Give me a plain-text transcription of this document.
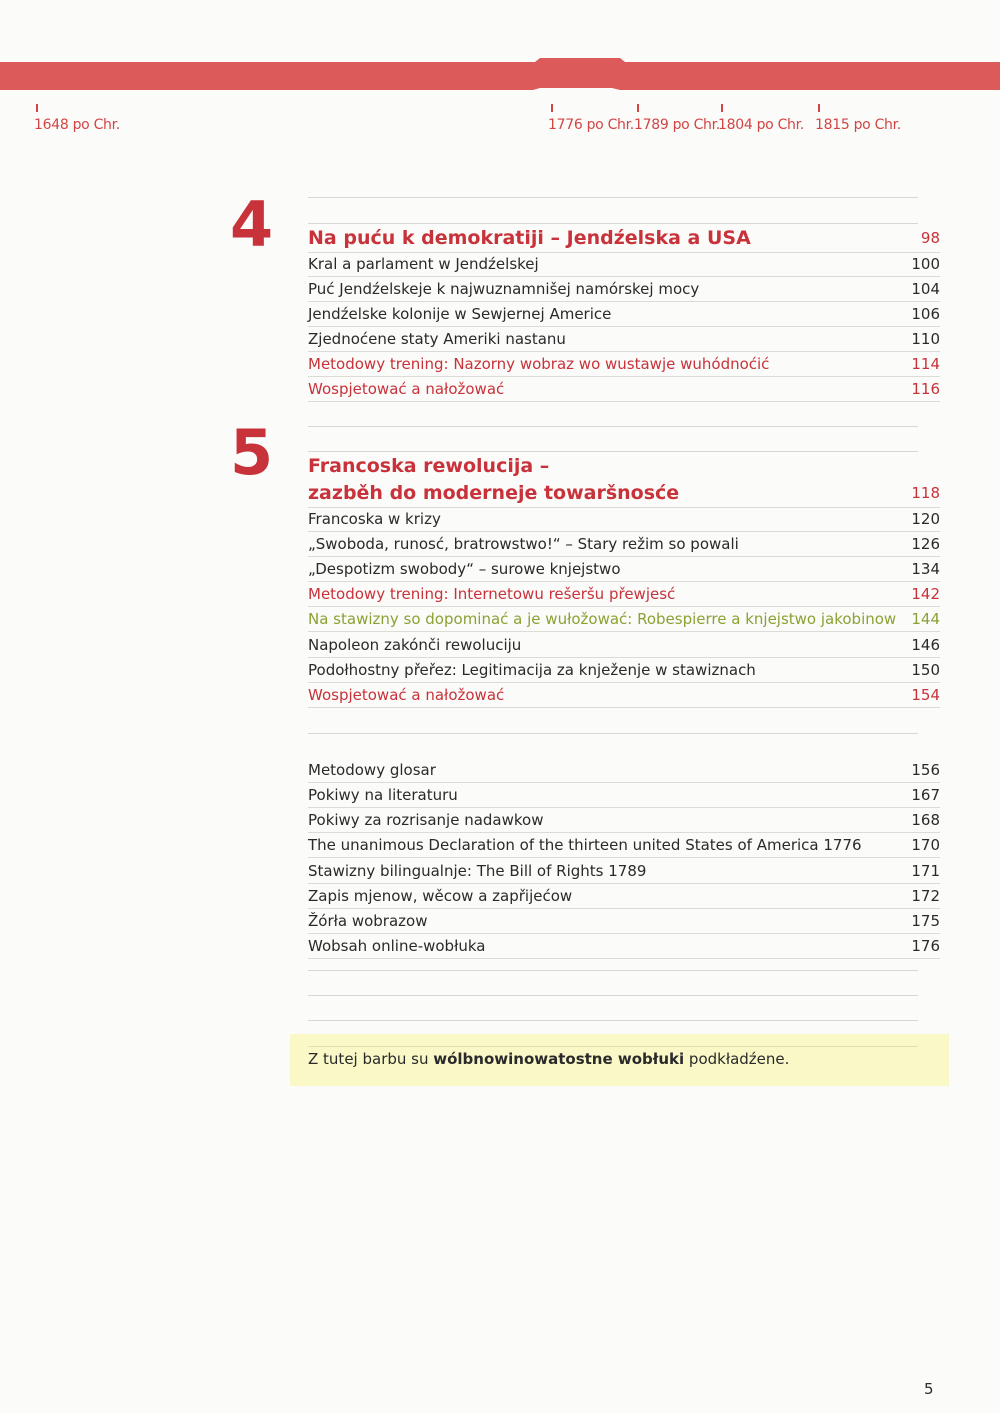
1648 po Chr.	1776 po Chr. 1789 po Chr.
1804 po Chr. 1815 po Chr.
4 Na puću k demokratiji – Jendźelska a USA	98
Kral a parlament w Jendźelskej	100
Puć Jendźelskeje k najwuznamnišej namórskej mocy	104
Jendźelske kolonije w Sewjernej Americe	106
Zjednoćene staty Ameriki nastanu	110
Metodowy trening: Nazorny wobraz wo wustawje wuhódnoćić	114
Wospjetować a nałožować	116
5 Francoska rewolucija –
zazběh do moderneje towaršnosće	118
Francoska w krizy	120
„Swoboda, runosć, bratrowstwo!“ – Stary režim so powali	126
„Despotizm swobody“ – surowe knjejstwo	134
Metodowy trening: Internetowu rešeršu přewjesć	142
Na stawizny so dopominać a je wułožować: Robespierre a knjejstwo jakobinow 144
Napoleon zakónči rewoluciju	146
Podołhostny přeřez: Legitimacija za knježenje w stawiznach	150
Wospjetować a nałožować	154
Metodowy glosar	156
Pokiwy na literaturu	167
Pokiwy za rozrisanje nadawkow	168
The unanimous Declaration of the thirteen united States of America 1776	170
Stawizny bilingualnje: The Bill of Rights 1789	171
Zapis mjenow, wěcow a zapřijećow	172
Žórła wobrazow	175
Wobsah online-wobłuka	176
Z tutej barbu su wólbnowinowatostne wobłuki podkładźene.
5
